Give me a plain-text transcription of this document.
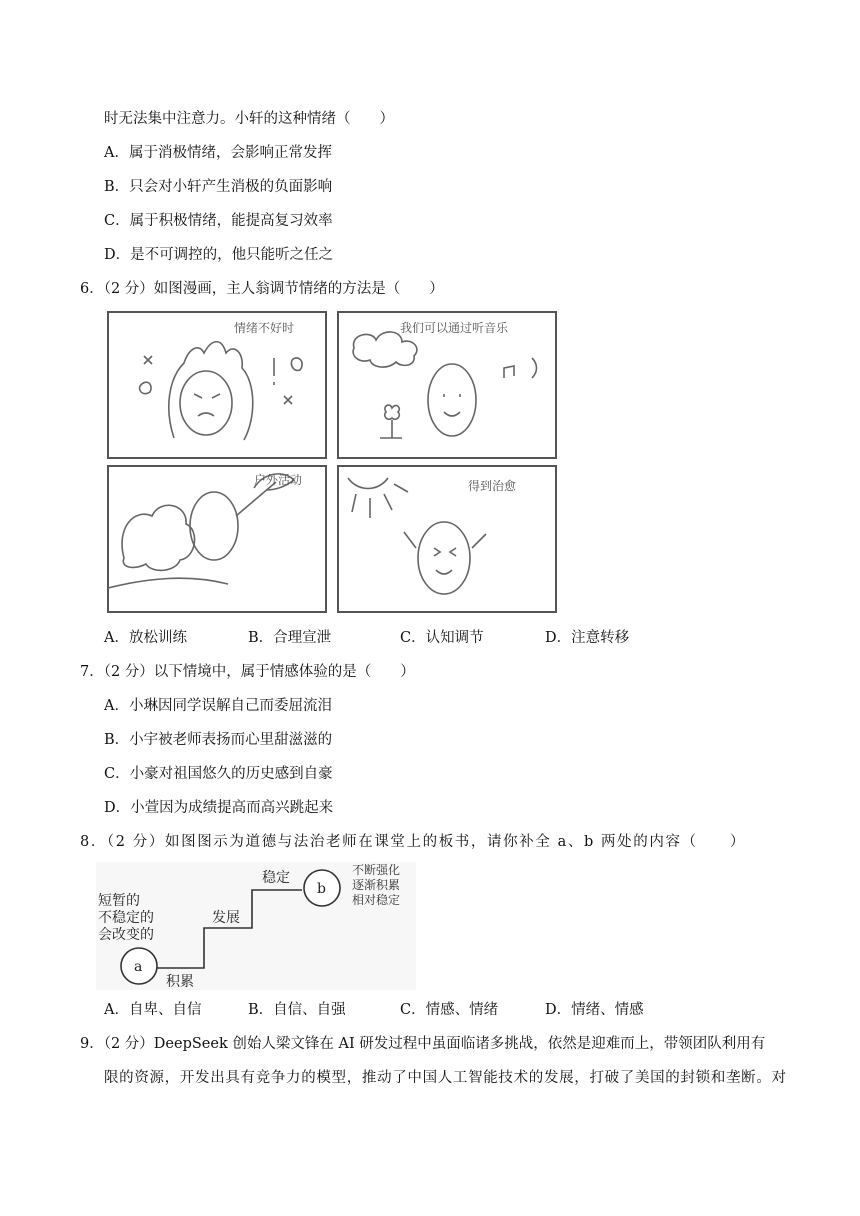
时无法集中注意力。小轩的这种情绪（　　）
A．属于消极情绪，会影响正常发挥
B．只会对小轩产生消极的负面影响
C．属于积极情绪，能提高复习效率
D．是不可调控的，他只能听之任之
6．（2 分）如图漫画，主人翁调节情绪的方法是（　　）
情绪不好时	我们可以通过听音乐
户外活动	得到治愈
A．放松训练	B．合理宣泄	C．认知调节	D．注意转移
7．（2 分）以下情境中，属于情感体验的是（　　）
A．小琳因同学误解自己而委屈流泪
B．小宇被老师表扬而心里甜滋滋的
C．小豪对祖国悠久的历史感到自豪
D．小萱因为成绩提高而高兴跳起来
8．（2 分）如图图示为道德与法治老师在课堂上的板书，请你补全 a、b 两处的内容（　　）
短暂的
不稳定的
会改变的
a
b
积累
发展
稳定	不断强化
逐渐积累
相对稳定
A．自卑、自信	B．自信、自强	C．情感、情绪	D．情绪、情感
9．（2 分）DeepSeek 创始人梁文锋在 AI 研发过程中虽面临诸多挑战，依然是迎难而上，带领团队利用有
限的资源，开发出具有竞争力的模型，推动了中国人工智能技术的发展，打破了美国的封锁和垄断。对
